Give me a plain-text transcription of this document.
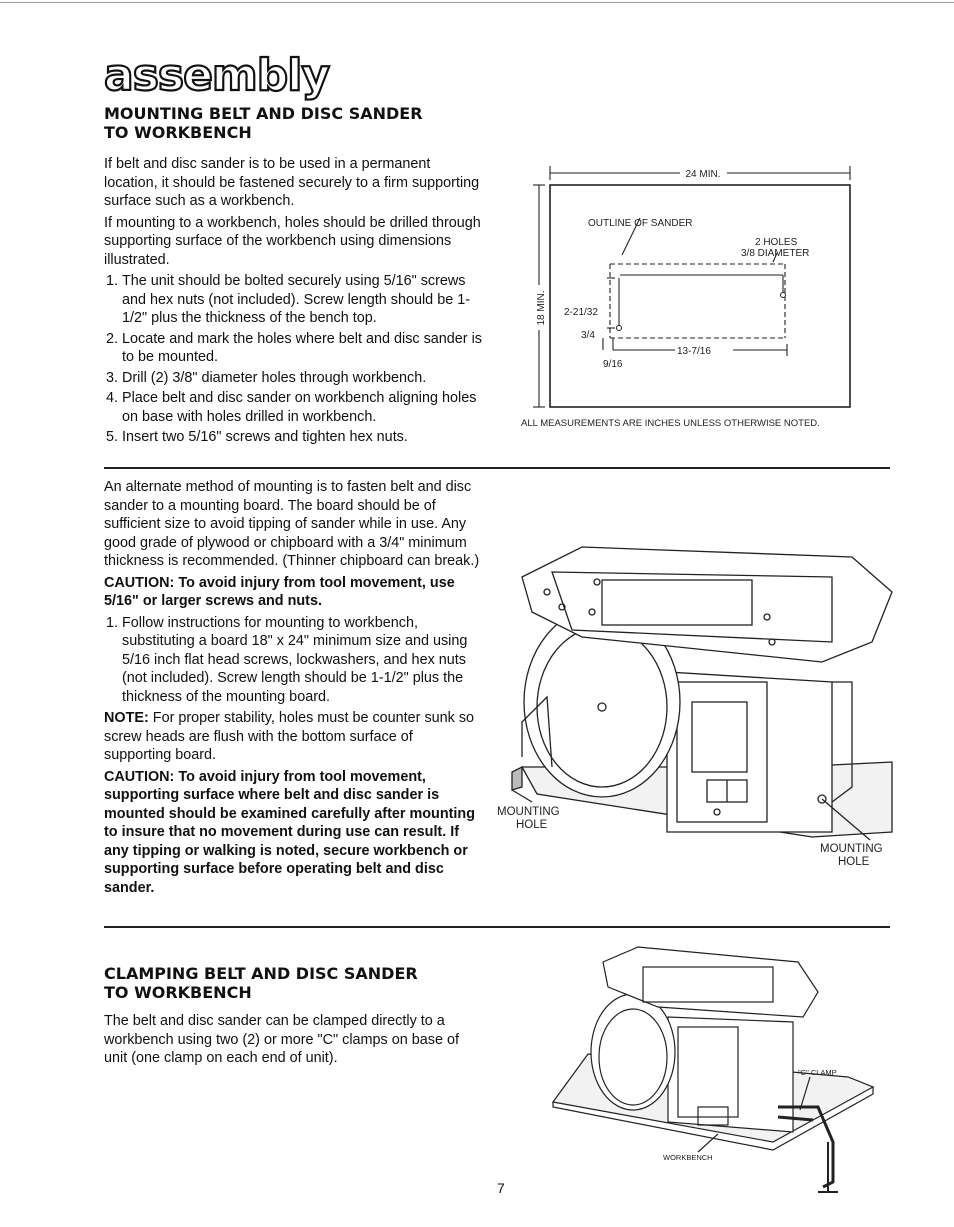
assembly
MOUNTING BELT AND DISC SANDER
TO WORKBENCH

If belt and disc sander is to be used in a permanent location, it should be fastened securely to a firm supporting surface such as a workbench.

If mounting to a workbench, holes should be drilled through supporting surface of the workbench using dimensions illustrated.

1. The unit should be bolted securely using 5/16" screws and hex nuts (not included). Screw length should be 1-1/2" plus the thickness of the bench top.
2. Locate and mark the holes where belt and disc sander is to be mounted.
3. Drill (2) 3/8" diameter holes through workbench.
4. Place belt and disc sander on workbench aligning holes on base with holes drilled in workbench.
5. Insert two 5/16" screws and tighten hex nuts.
24 MIN.
18 MIN.
OUTLINE OF SANDER
2 HOLES
3/8 DIAMETER
2-21/32
3/4
9/16
13-7/16
ALL MEASUREMENTS ARE INCHES UNLESS OTHERWISE NOTED.

An alternate method of mounting is to fasten belt and disc sander to a mounting board. The board should be of sufficient size to avoid tipping of sander while in use. Any good grade of plywood or chipboard with a 3/4" minimum thickness is recommended. (Thinner chipboard can break.)

CAUTION: To avoid injury from tool movement, use 5/16" or larger screws and nuts.

1. Follow instructions for mounting to workbench, substituting a board 18" x 24" minimum size and using 5/16 inch flat head screws, lockwashers, and hex nuts (not included). Screw length should be 1-1/2" plus the thickness of the mounting board.

NOTE: For proper stability, holes must be counter sunk so screw heads are flush with the bottom surface of supporting board.

CAUTION: To avoid injury from tool movement, supporting surface where belt and disc sander is mounted should be examined carefully after mounting to insure that no movement during use can result. If any tipping or walking is noted, secure workbench or supporting surface before operating belt and disc sander.

MOUNTING
HOLE
MOUNTING
HOLE
CLAMPING BELT AND DISC SANDER
TO WORKBENCH

The belt and disc sander can be clamped directly to a workbench using two (2) or more "C" clamps on base of unit (one clamp on each end of unit).

"C" CLAMP
WORKBENCH
7
